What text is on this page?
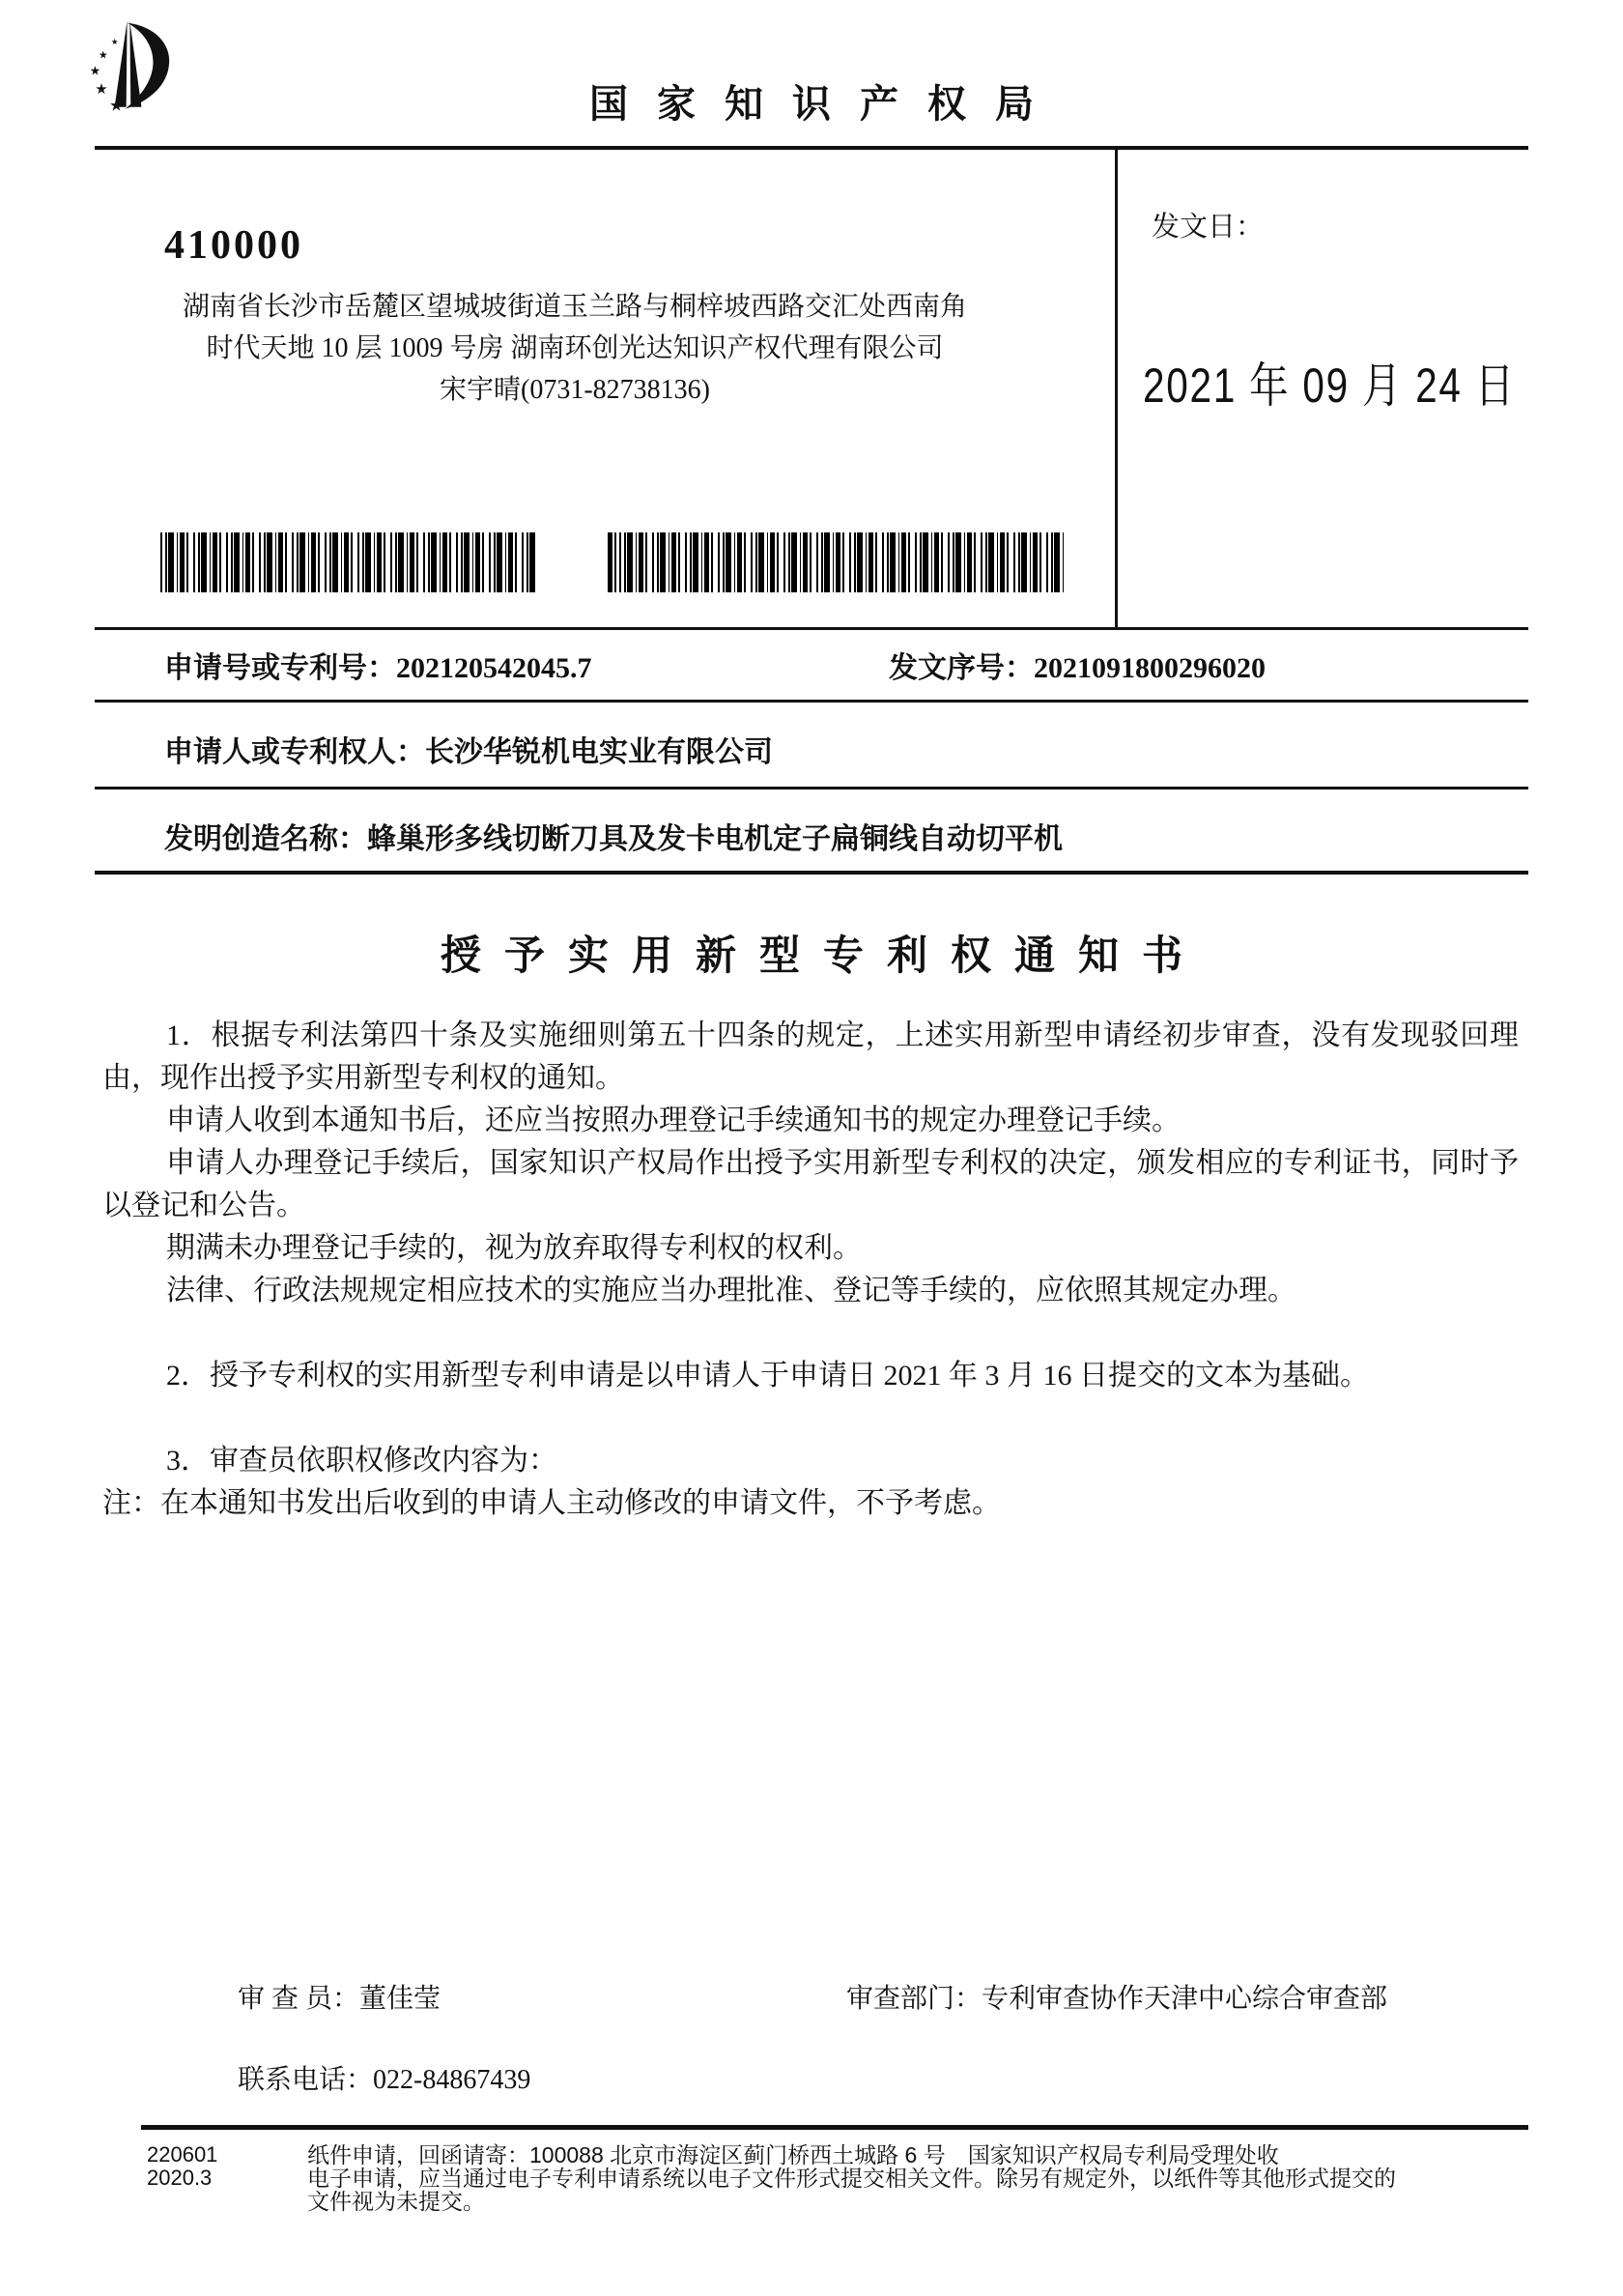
★
★
★
★
★	国家知识产权局
410000
湖南省长沙市岳麓区望城坡街道玉兰路与桐梓坡西路交汇处西南角
时代天地 10 层 1009 号房 湖南环创光达知识产权代理有限公司
宋宇晴(0731-82738136)
发文日：
2021 年 09 月 24 日
申请号或专利号：202120542045.7	发文序号：2021091800296020
申请人或专利权人：长沙华锐机电实业有限公司
发明创造名称：蜂巢形多线切断刀具及发卡电机定子扁铜线自动切平机
授予实用新型专利权通知书

1．根据专利法第四十条及实施细则第五十四条的规定，上述实用新型申请经初步审查，没有发现驳回理由，现作出授予实用新型专利权的通知。

申请人收到本通知书后，还应当按照办理登记手续通知书的规定办理登记手续。

申请人办理登记手续后，国家知识产权局作出授予实用新型专利权的决定，颁发相应的专利证书，同时予以登记和公告。

期满未办理登记手续的，视为放弃取得专利权的权利。

法律、行政法规规定相应技术的实施应当办理批准、登记等手续的，应依照其规定办理。

2．授予专利权的实用新型专利申请是以申请人于申请日 2021 年 3 月 16 日提交的文本为基础。

3．审查员依职权修改内容为：

注：在本通知书发出后收到的申请人主动修改的申请文件，不予考虑。

审 查 员：董佳莹	审查部门：专利审查协作天津中心综合审查部
联系电话：022-84867439
220601
2020.3
纸件申请，回函请寄：100088 北京市海淀区蓟门桥西土城路 6 号　国家知识产权局专利局受理处收
电子申请，应当通过电子专利申请系统以电子文件形式提交相关文件。除另有规定外，以纸件等其他形式提交的
文件视为未提交。
